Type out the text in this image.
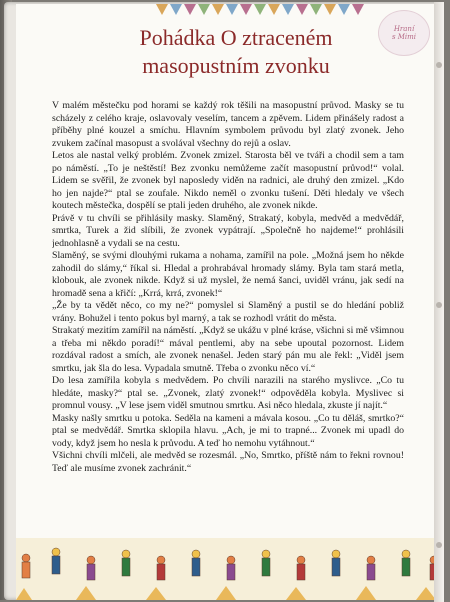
Hraní
s Mimi
Pohádka O ztraceném masopustním zvonku

V malém městečku pod horami se každý rok těšili na masopustní průvod. Masky se tu scházely z celého kraje, oslavovaly veselím, tancem a zpěvem. Lidem přinášely radost a příběhy plné kouzel a smíchu. Hlavním symbolem průvodu byl zlatý zvonek. Jeho zvukem začínal masopust a svolával všechny do rejů a oslav.

Letos ale nastal velký problém. Zvonek zmizel. Starosta běl ve tváři a chodil sem a tam po náměstí. „To je neštěstí! Bez zvonku nemůžeme začít masopustní průvod!“ volal. Lidem se svěřil, že zvonek byl naposledy viděn na radnici, ale druhý den zmizel. „Kdo ho jen najde?“ ptal se zoufale. Nikdo neměl o zvonku tušení. Děti hledaly ve všech koutech městečka, dospělí se ptali jeden druhého, ale zvonek nikde.

Právě v tu chvíli se přihlásily masky. Slaměný, Strakatý, kobyla, medvěd a medvědář, smrtka, Turek a žid slíbili, že zvonek vypátrají. „Společně ho najdeme!“ prohlásili jednohlasně a vydali se na cestu.

Slaměný, se svými dlouhými rukama a nohama, zamířil na pole. „Možná jsem ho někde zahodil do slámy,“ říkal si. Hledal a prohrabával hromady slámy. Byla tam stará metla, klobouk, ale zvonek nikde. Když si už myslel, že nemá šanci, uviděl vránu, jak sedí na hromadě sena a křičí: „Krrá, krrá, zvonek!“

„Že by ta vědět něco, co my ne?“ pomyslel si Slaměný a pustil se do hledání pobliž vrány. Bohužel i tento pokus byl marný, a tak se rozhodl vrátit do města.

Strakatý mezitím zamířil na náměstí. „Když se ukážu v plné kráse, všichni si mě všimnou a třeba mi někdo poradí!“ mával pentlemi, aby na sebe upoutal pozornost. Lidem rozdával radost a smích, ale zvonek nenašel. Jeden starý pán mu ale řekl: „Viděl jsem smrtku, jak šla do lesa. Vypadala smutně. Třeba o zvonku něco ví.“

Do lesa zamířila kobyla s medvědem. Po chvíli narazili na starého myslivce. „Co tu hledáte, masky?“ ptal se. „Zvonek, zlatý zvonek!“ odpověděla kobyla. Myslivec si promnul vousy. „V lese jsem viděl smutnou smrtku. Asi něco hledala, zkuste jí najít.“

Masky našly smrtku u potoka. Seděla na kameni a mávala kosou. „Co tu děláš, smrtko?“ ptal se medvědář. Smrtka sklopila hlavu. „Ach, je mi to trapné... Zvonek mi upadl do vody, když jsem ho nesla k průvodu. A teď ho nemohu vytáhnout.“

Všichni chvíli mlčeli, ale medvěd se rozesmál. „No, Smrtko, příště nám to řekni rovnou! Teď ale musíme zvonek zachránit.“
